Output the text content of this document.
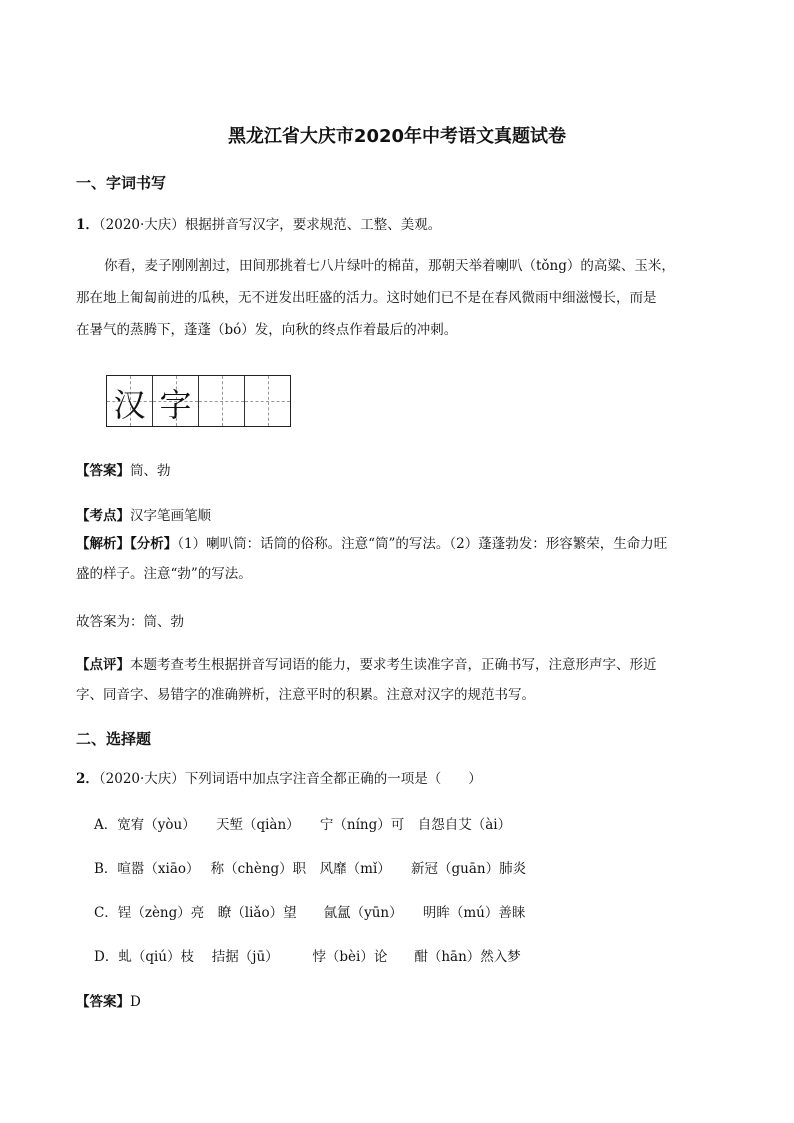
黑龙江省大庆市2020年中考语文真题试卷
一、字词书写
1．（2020·大庆）根据拼音写汉字，要求规范、工整、美观。
你看，麦子刚刚割过，田间那挑着七八片绿叶的棉苗，那朝天举着喇叭（tǒng）的高粱、玉米，
那在地上匍匐前进的瓜秧，无不迸发出旺盛的活力。这时她们已不是在春风微雨中细滋慢长，而是
在暑气的蒸腾下，蓬蓬（bó）发，向秋的终点作着最后的冲刺。
汉 字
【答案】筒、勃
【考点】汉字笔画笔顺
【解析】【分析】（1）喇叭筒：话筒的俗称。注意“筒”的写法。（2）蓬蓬勃发：形容繁荣，生命力旺
盛的样子。注意“勃”的写法。
故答案为：筒、勃
【点评】本题考查考生根据拼音写词语的能力，要求考生读准字音，正确书写，注意形声字、形近
字、同音字、易错字的准确辨析，注意平时的积累。注意对汉字的规范书写。
二、选择题
2．（2020·大庆）下列词语中加点字注音全都正确的一项是（　　）
A．宽宥（yòu）　　天堑（qiàn）　　宁（níng）可　自怨自艾（ài）
B．喧嚣（xiāo）　 称（chèng）职　风靡（mǐ）　　新冠（guān）肺炎
C．锃（zèng）亮　瞭（liǎo）望　　氤氲（yūn）　　明眸（mú）善睐
D．虬（qiú）枝　 拮据（jū）　　　悖（bèi）论　　酣（hān）然入梦
【答案】D
